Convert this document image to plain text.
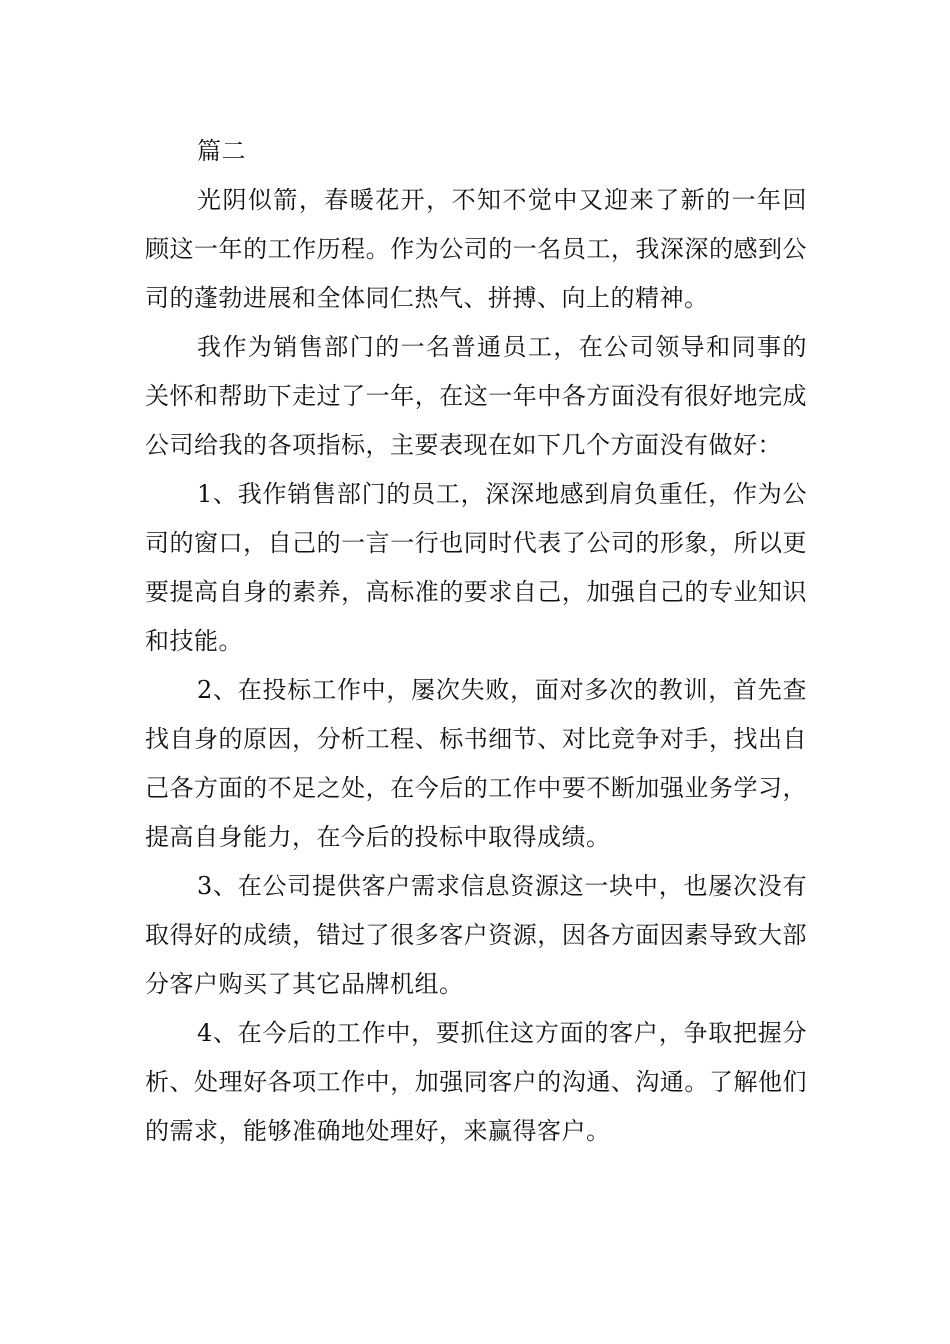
篇二

光阴似箭，春暖花开，不知不觉中又迎来了新的一年回顾这一年的工作历程。作为公司的一名员工，我深深的感到公司的蓬勃进展和全体同仁热气、拼搏、向上的精神。

我作为销售部门的一名普通员工，在公司领导和同事的关怀和帮助下走过了一年，在这一年中各方面没有很好地完成公司给我的各项指标，主要表现在如下几个方面没有做好：

1、我作销售部门的员工，深深地感到肩负重任，作为公司的窗口，自己的一言一行也同时代表了公司的形象，所以更要提高自身的素养，高标准的要求自己，加强自己的专业知识和技能。

2、在投标工作中，屡次失败，面对多次的教训，首先查找自身的原因，分析工程、标书细节、对比竞争对手，找出自己各方面的不足之处，在今后的工作中要不断加强业务学习，提高自身能力，在今后的投标中取得成绩。

3、在公司提供客户需求信息资源这一块中，也屡次没有取得好的成绩，错过了很多客户资源，因各方面因素导致大部分客户购买了其它品牌机组。

4、在今后的工作中，要抓住这方面的客户，争取把握分析、处理好各项工作中，加强同客户的沟通、沟通。了解他们的需求，能够准确地处理好，来赢得客户。
